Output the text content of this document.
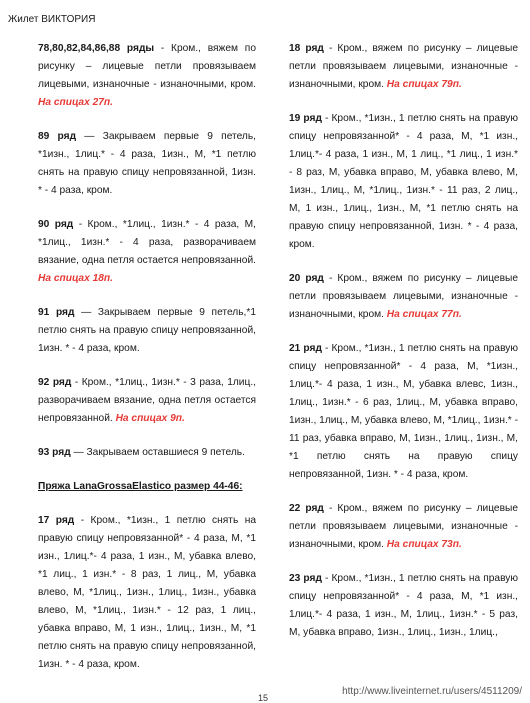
Жилет ВИКТОРИЯ

78,80,82,84,86,88 ряды - Кром., вяжем по рисунку – лицевые петли провязываем лицевыми, изнаночные - изнаночными, кром. На спицах 27п.

89 ряд — Закрываем первые 9 петель, *1изн., 1лиц.* - 4 раза, 1изн., М, *1 петлю снять на правую спицу непровязанной, 1изн. * - 4 раза, кром.

90 ряд - Кром., *1лиц., 1изн.* - 4 раза, М, *1лиц., 1изн.* - 4 раза, разворачиваем вязание, одна петля остается непровязанной. На спицах 18п.

91 ряд — Закрываем первые 9 петель,*1 петлю снять на правую спицу непровязанной, 1изн. * - 4 раза, кром.

92 ряд - Кром., *1лиц., 1изн.* - 3 раза, 1лиц., разворачиваем вязание, одна петля остается непровязанной. На спицах 9п.

93 ряд — Закрываем оставшиеся 9 петель.

Пряжа LanaGrossaElastico размер 44-46:

17 ряд - Кром., *1изн., 1 петлю снять на правую спицу непровязанной* - 4 раза, М, *1 изн., 1лиц.*- 4 раза, 1 изн., М, убавка влево, *1 лиц., 1 изн.* - 8 раз, 1 лиц., М, убавка влево, М, *1лиц., 1изн., 1лиц., 1изн., убавка влево, М, *1лиц., 1изн.* - 12 раз, 1 лиц., убавка вправо, М, 1 изн., 1лиц., 1изн., М, *1 петлю снять на правую спицу непровязанной, 1изн. * - 4 раза, кром.

18 ряд - Кром., вяжем по рисунку – лицевые петли провязываем лицевыми, изнаночные - изнаночными, кром. На спицах 79п.

19 ряд - Кром., *1изн., 1 петлю снять на правую спицу непровязанной* - 4 раза, М, *1 изн., 1лиц.*- 4 раза, 1 изн., М, 1 лиц., *1 лиц., 1 изн.* - 8 раз, М, убавка вправо, М, убавка влево, М, 1изн., 1лиц., М, *1лиц., 1изн.* - 11 раз, 2 лиц., М, 1 изн., 1лиц., 1изн., М, *1 петлю снять на правую спицу непровязанной, 1изн. * - 4 раза, кром.

20 ряд - Кром., вяжем по рисунку – лицевые петли провязываем лицевыми, изнаночные - изнаночными, кром. На спицах 77п.

21 ряд - Кром., *1изн., 1 петлю снять на правую спицу непровязанной* - 4 раза, М, *1изн., 1лиц.*- 4 раза, 1 изн., М, убавка влевс, 1изн., 1лиц., 1изн.* - 6 раз, 1лиц., М, убавка вправо, 1изн., 1лиц., М, убавка влево, М, *1лиц., 1изн.* - 11 раз, убавка вправо, М, 1изн., 1лиц., 1изн., М, *1 петлю снять на правую спицу непровязанной, 1изн. * - 4 раза, кром.

22 ряд - Кром., вяжем по рисунку – лицевые петли провязываем лицевыми, изнаночные - изнаночными, кром. На спицах 73п.

23 ряд - Кром., *1изн., 1 петлю снять на правую спицу непровязанной* - 4 раза, М, *1 изн., 1лиц.*- 4 раза, 1 изн., М, 1лиц., 1изн.* - 5 раз, М, убавка вправо, 1изн., 1лиц., 1изн., 1лиц.,

15
http://www.liveinternet.ru/users/4511209/
